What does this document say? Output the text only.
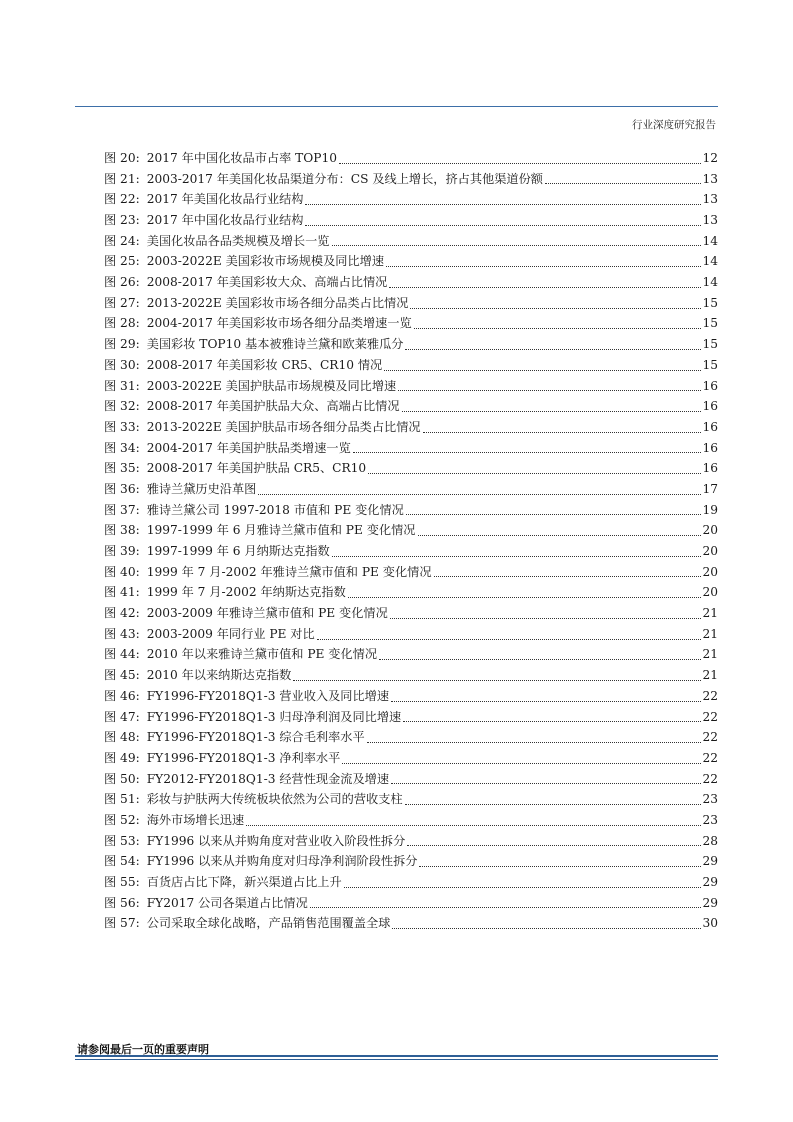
行业深度研究报告
图 20: 2017 年中国化妆品市占率 TOP10	12
图 21: 2003-2017 年美国化妆品渠道分布：CS 及线上增长，挤占其他渠道份额	13
图 22: 2017 年美国化妆品行业结构	13
图 23: 2017 年中国化妆品行业结构	13
图 24: 美国化妆品各品类规模及增长一览	14
图 25: 2003-2022E 美国彩妆市场规模及同比增速	14
图 26: 2008-2017 年美国彩妆大众、高端占比情况	14
图 27: 2013-2022E 美国彩妆市场各细分品类占比情况	15
图 28: 2004-2017 年美国彩妆市场各细分品类增速一览	15
图 29: 美国彩妆 TOP10 基本被雅诗兰黛和欧莱雅瓜分	15
图 30: 2008-2017 年美国彩妆 CR5、CR10 情况	15
图 31: 2003-2022E 美国护肤品市场规模及同比增速	16
图 32: 2008-2017 年美国护肤品大众、高端占比情况	16
图 33: 2013-2022E 美国护肤品市场各细分品类占比情况	16
图 34: 2004-2017 年美国护肤品类增速一览	16
图 35: 2008-2017 年美国护肤品 CR5、CR10	16
图 36: 雅诗兰黛历史沿革图	17
图 37: 雅诗兰黛公司 1997-2018 市值和 PE 变化情况	19
图 38: 1997-1999 年 6 月雅诗兰黛市值和 PE 变化情况	20
图 39: 1997-1999 年 6 月纳斯达克指数	20
图 40: 1999 年 7 月-2002 年雅诗兰黛市值和 PE 变化情况	20
图 41: 1999 年 7 月-2002 年纳斯达克指数	20
图 42: 2003-2009 年雅诗兰黛市值和 PE 变化情况	21
图 43: 2003-2009 年同行业 PE 对比	21
图 44: 2010 年以来雅诗兰黛市值和 PE 变化情况	21
图 45: 2010 年以来纳斯达克指数	21
图 46: FY1996-FY2018Q1-3 营业收入及同比增速	22
图 47: FY1996-FY2018Q1-3 归母净利润及同比增速	22
图 48: FY1996-FY2018Q1-3 综合毛利率水平	22
图 49: FY1996-FY2018Q1-3 净利率水平	22
图 50: FY2012-FY2018Q1-3 经营性现金流及增速	22
图 51: 彩妆与护肤两大传统板块依然为公司的营收支柱	23
图 52: 海外市场增长迅速	23
图 53: FY1996 以来从并购角度对营业收入阶段性拆分	28
图 54: FY1996 以来从并购角度对归母净利润阶段性拆分	29
图 55: 百货店占比下降，新兴渠道占比上升	29
图 56: FY2017 公司各渠道占比情况	29
图 57: 公司采取全球化战略，产品销售范围覆盖全球	30
请参阅最后一页的重要声明
